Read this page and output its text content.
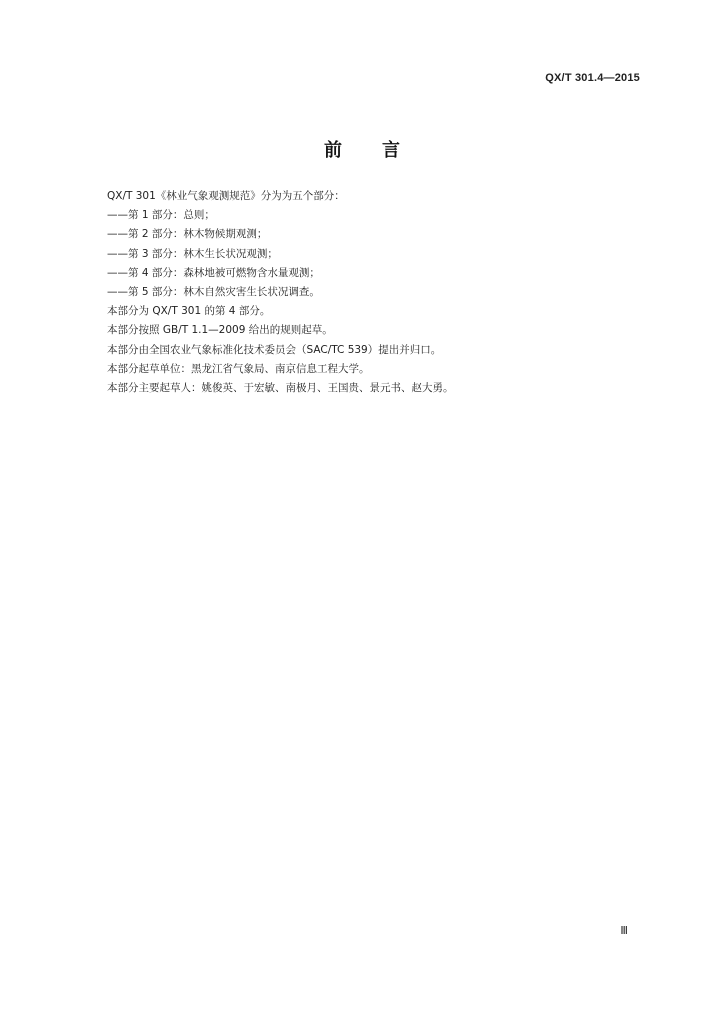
QX/T 301.4—2015
前言
QX/T 301《林业气象观测规范》分为为五个部分：
——第 1 部分：总则；
——第 2 部分：林木物候期观测；
——第 3 部分：林木生长状况观测；
——第 4 部分：森林地被可燃物含水量观测；
——第 5 部分：林木自然灾害生长状况调查。
本部分为 QX/T 301 的第 4 部分。
本部分按照 GB/T 1.1—2009 给出的规则起草。
本部分由全国农业气象标准化技术委员会（SAC/TC 539）提出并归口。
本部分起草单位：黑龙江省气象局、南京信息工程大学。
本部分主要起草人：姚俊英、于宏敏、南极月、王国贵、景元书、赵大勇。
Ⅲ
